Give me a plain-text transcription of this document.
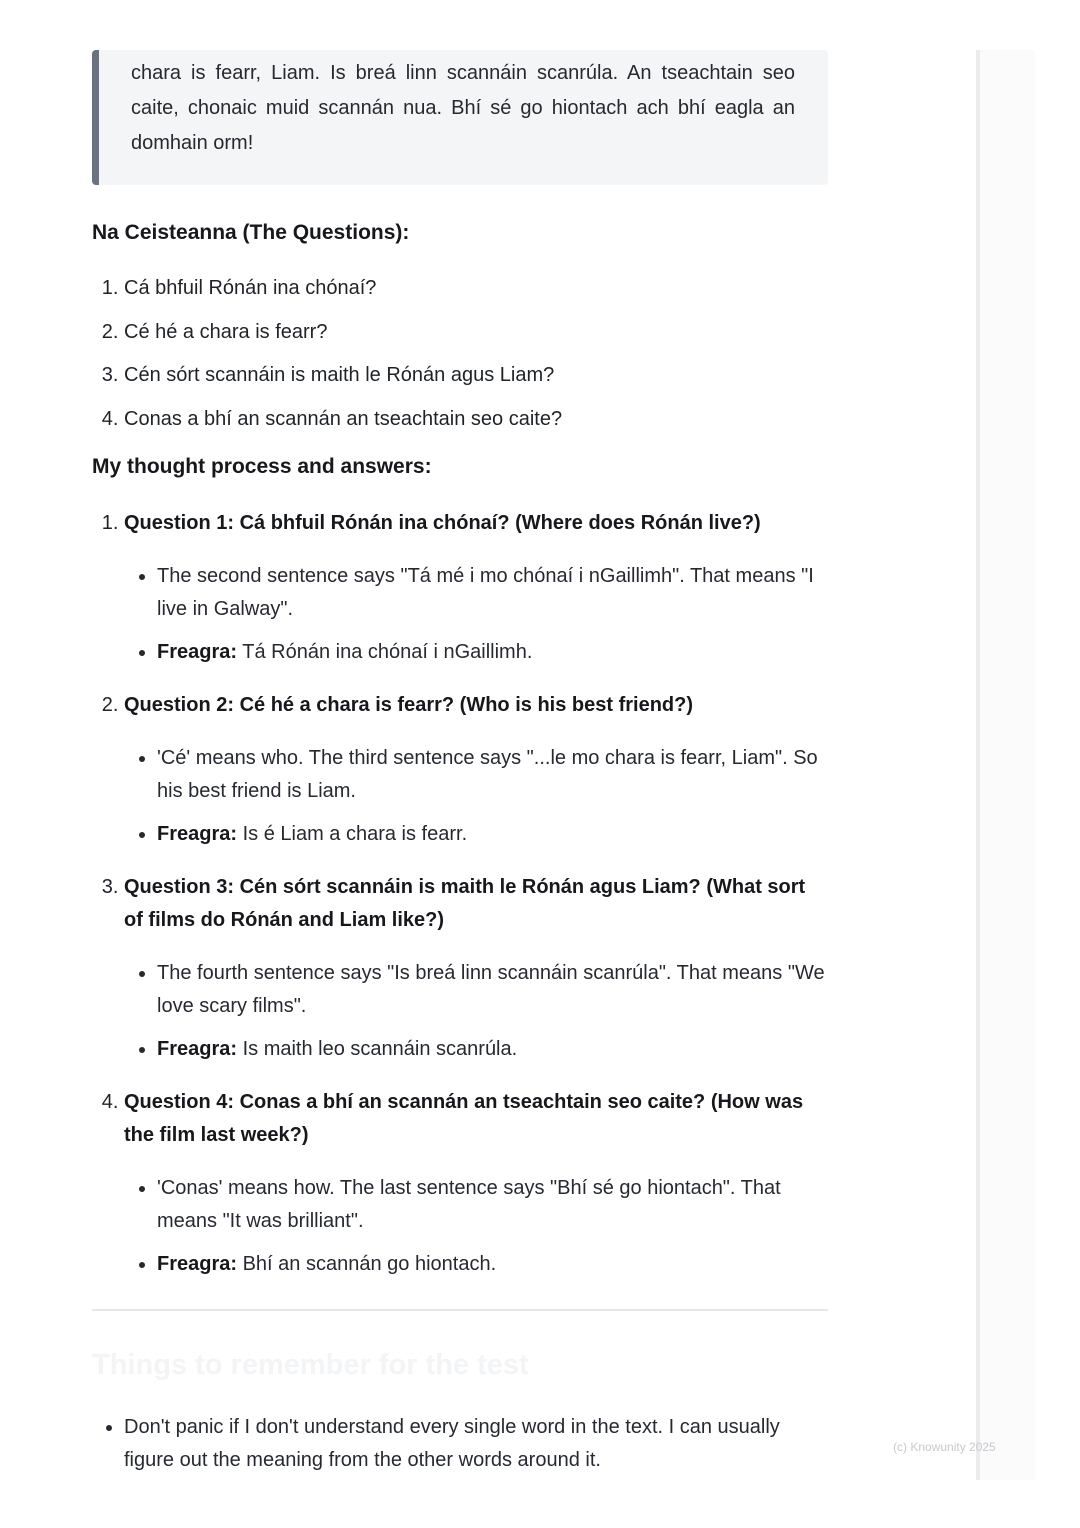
chara is fearr, Liam. Is breá linn scannáin scanrúla. An tseachtain seo caite, chonaic muid scannán nua. Bhí sé go hiontach ach bhí eagla an domhain orm!
Na Ceisteanna (The Questions):
1. Cá bhfuil Rónán ina chónaí?
2. Cé hé a chara is fearr?
3. Cén sórt scannáin is maith le Rónán agus Liam?
4. Conas a bhí an scannán an tseachtain seo caite?
My thought process and answers:
1. Question 1: Cá bhfuil Rónán ina chónaí? (Where does Rónán live?)
• The second sentence says "Tá mé i mo chónaí i nGaillimh". That means "I live in Galway".
• Freagra: Tá Rónán ina chónaí i nGaillimh.
2. Question 2: Cé hé a chara is fearr? (Who is his best friend?)
• 'Cé' means who. The third sentence says "...le mo chara is fearr, Liam". So his best friend is Liam.
• Freagra: Is é Liam a chara is fearr.
3. Question 3: Cén sórt scannáin is maith le Rónán agus Liam? (What sort of films do Rónán and Liam like?)
• The fourth sentence says "Is breá linn scannáin scanrúla". That means "We love scary films".
• Freagra: Is maith leo scannáin scanrúla.
4. Question 4: Conas a bhí an scannán an tseachtain seo caite? (How was the film last week?)
• 'Conas' means how. The last sentence says "Bhí sé go hiontach". That means "It was brilliant".
• Freagra: Bhí an scannán go hiontach.
Things to remember for the test
• Don't panic if I don't understand every single word in the text. I can usually figure out the meaning from the other words around it.
(c) Knowunity 2025
